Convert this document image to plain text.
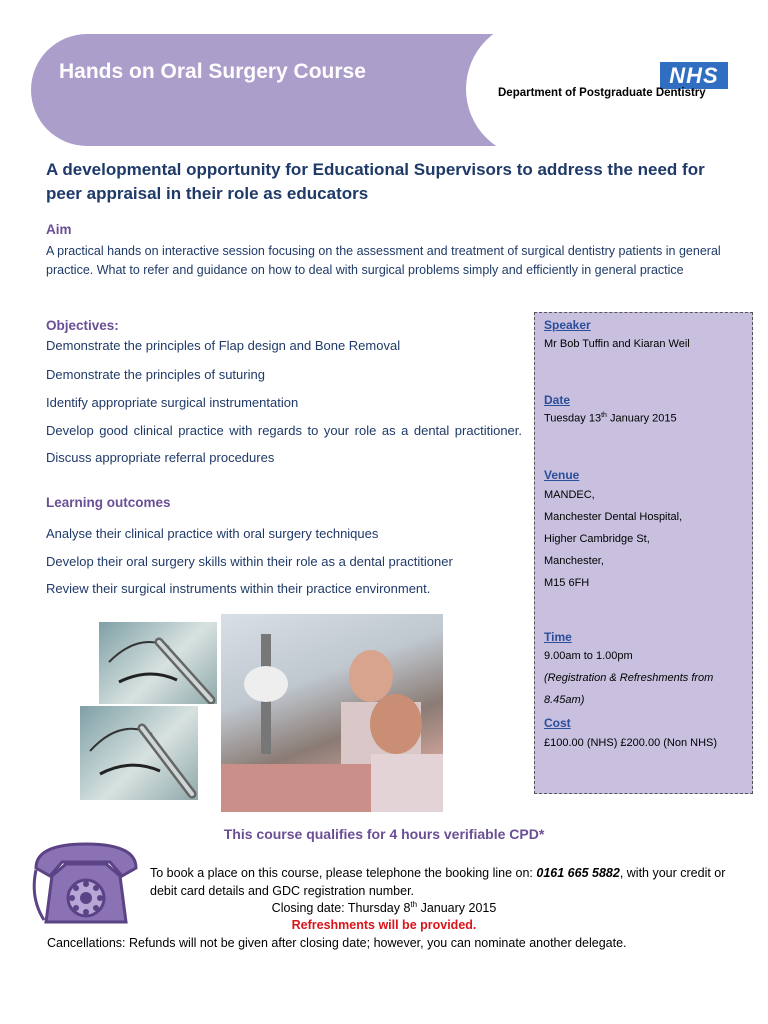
Hands on Oral Surgery Course	NHS
Department of Postgraduate Dentistry
A developmental opportunity for Educational Supervisors to address the need for peer appraisal in their role as educators
Aim
A practical hands on interactive session focusing on the assessment and treatment of surgical dentistry patients in general practice. What to refer and guidance on how to deal with surgical problems simply and efficiently in general practice
Objectives:
Demonstrate the principles of Flap design and Bone Removal
Demonstrate the principles of suturing
Identify appropriate surgical instrumentation
Develop good clinical practice with regards to your role as a dental practitioner. Discuss appropriate referral procedures
Learning outcomes
Analyse their clinical practice with oral surgery techniques
Develop their oral surgery skills within their role as a dental practitioner
Review their surgical instruments within their practice environment.
Speaker
Mr Bob Tuffin and Kiaran Weil
Date
Tuesday 13th January 2015
Venue
MANDEC,
Manchester Dental Hospital,
Higher Cambridge St,
Manchester,
M15 6FH
Time
9.00am to 1.00pm
(Registration & Refreshments from
8.45am)
Cost
£100.00 (NHS) £200.00 (Non NHS)
This course qualifies for 4 hours verifiable CPD*
To book a place on this course, please telephone the booking line on: 0161 665 5882, with your credit or debit card details and GDC registration number.
Closing date: Thursday 8th January 2015
Refreshments will be provided.
Cancellations: Refunds will not be given after closing date; however, you can nominate another delegate.
